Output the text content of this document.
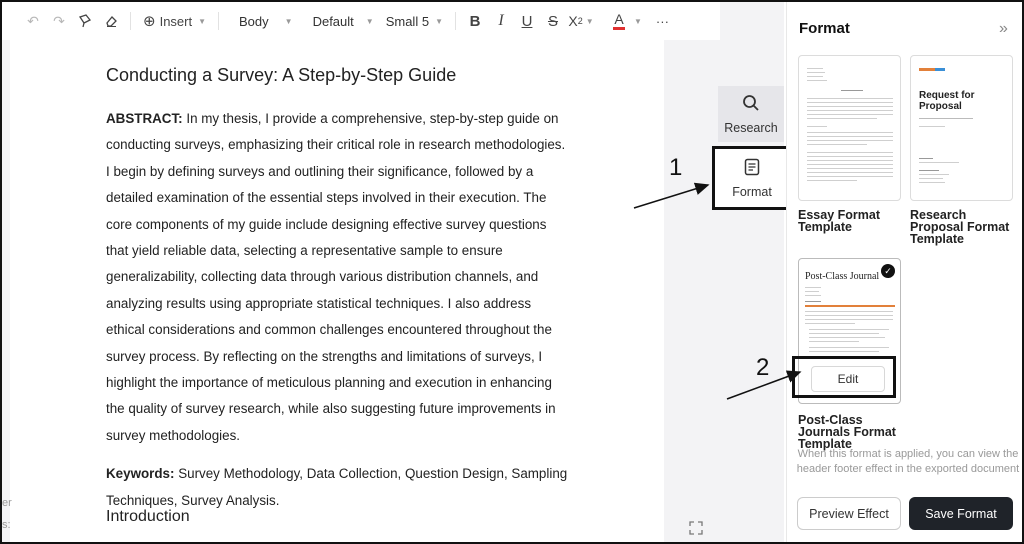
↶	↷	⊕ Insert ▼	Body ▼ Default ▼ Small 5 ▼	B	I	U	S X 2 ▼ A ▼ ···
Conducting a Survey: A Step-by-Step Guide

ABSTRACT: In my thesis, I provide a comprehensive, step-by-step guide on conducting surveys, emphasizing their critical role in research methodologies. I begin by defining surveys and outlining their significance, followed by a detailed examination of the essential steps involved in their execution. The core components of my guide include designing effective survey questions that yield reliable data, selecting a representative sample to ensure generalizability, collecting data through various distribution channels, and analyzing results using appropriate statistical techniques. I also address ethical considerations and common challenges encountered throughout the survey process. By reflecting on the strengths and limitations of surveys, I highlight the importance of meticulous planning and execution in enhancing the quality of survey research, while also suggesting future improvements in survey methodologies.

Keywords: Survey Methodology, Data Collection, Question Design, Sampling Techniques, Survey Analysis.

Introduction
er
s:
Research
Format
Format	»
Essay Format Template
Request for Proposal
Research Proposal Format Template
✓
Post-Class Journal
Post-Class Journals Format Template
Edit
When this format is applied, you can view the header footer effect in the exported document
Preview Effect	Save Format
1
2
